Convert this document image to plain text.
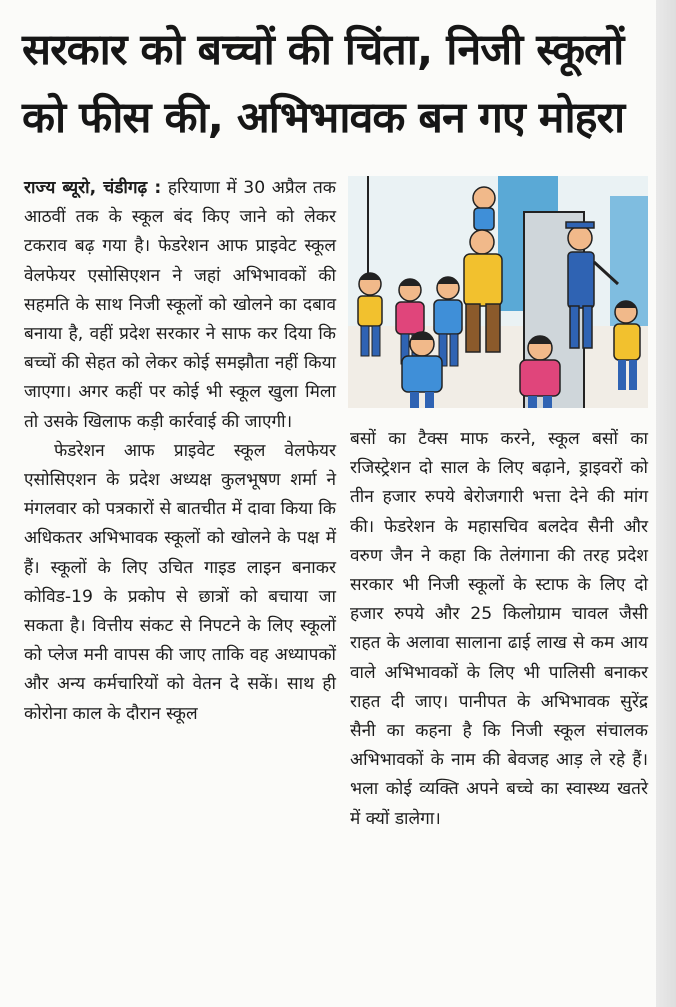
सरकार को बच्चों की चिंता, निजी स्कूलों को फीस की, अभिभावक बन गए मोहरा

राज्य ब्यूरो, चंडीगढ़ : हरियाणा में 30 अप्रैल तक आठवीं तक के स्कूल बंद किए जाने को लेकर टकराव बढ़ गया है। फेडरेशन आफ प्राइवेट स्कूल वेलफेयर एसोसिएशन ने जहां अभिभावकों की सहमति के साथ निजी स्कूलों को खोलने का दबाव बनाया है, वहीं प्रदेश सरकार ने साफ कर दिया कि बच्चों की सेहत को लेकर कोई समझौता नहीं किया जाएगा। अगर कहीं पर कोई भी स्कूल खुला मिला तो उसके खिलाफ कड़ी कार्रवाई की जाएगी।

फेडरेशन आफ प्राइवेट स्कूल वेलफेयर एसोसिएशन के प्रदेश अध्यक्ष कुलभूषण शर्मा ने मंगलवार को पत्रकारों से बातचीत में दावा किया कि अधिकतर अभिभावक स्कूलों को खोलने के पक्ष में हैं। स्कूलों के लिए उचित गाइड लाइन बनाकर कोविड-19 के प्रकोप से छात्रों को बचाया जा सकता है। वित्तीय संकट से निपटने के लिए स्कूलों को प्लेज मनी वापस की जाए ताकि वह अध्यापकों और अन्य कर्मचारियों को वेतन दे सकें। साथ ही कोरोना काल के दौरान स्कूल

बसों का टैक्स माफ करने, स्कूल बसों का रजिस्ट्रेशन दो साल के लिए बढ़ाने, ड्राइवरों को तीन हजार रुपये बेरोजगारी भत्ता देने की मांग की। फेडरेशन के महासचिव बलदेव सैनी और वरुण जैन ने कहा कि तेलंगाना की तरह प्रदेश सरकार भी निजी स्कूलों के स्टाफ के लिए दो हजार रुपये और 25 किलोग्राम चावल जैसी राहत के अलावा सालाना ढाई लाख से कम आय वाले अभिभावकों के लिए भी पालिसी बनाकर राहत दी जाए। पानीपत के अभिभावक सुरेंद्र सैनी का कहना है कि निजी स्कूल संचालक अभिभावकों के नाम की बेवजह आड़ ले रहे हैं। भला कोई व्यक्ति अपने बच्चे का स्वास्थ्य खतरे में क्यों डालेगा।
